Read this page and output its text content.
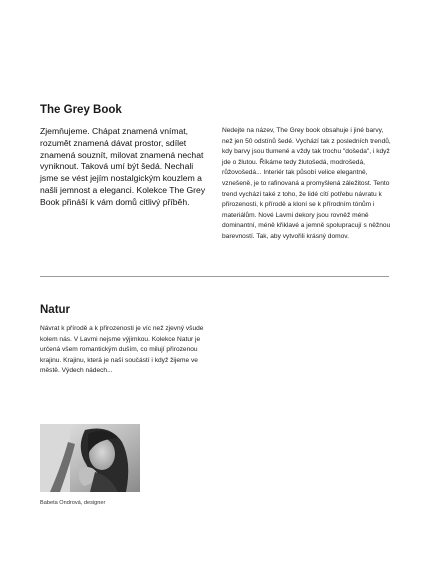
The Grey Book

Zjemňujeme. Chápat znamená vnímat, rozumět znamená dávat prostor, sdílet znamená souznít, milovat znamená nechat vyniknout. Taková umí být šedá. Nechali jsme se vést jejím nostalgickým kouzlem a našli jemnost a eleganci. Kolekce The Grey Book přináší k vám domů citlivý příběh.

Nedejte na název, The Grey book obsahuje i jiné barvy, než jen 50 odstínů šedé. Vychází tak z posledních trendů, kdy barvy jsou tlumené a vždy tak trochu "došeda", i když jde o žlutou. Říkáme tedy žlutošedá, modrošedá, růžovošedá... Interiér tak působí velice elegantně, vznešeně, je to rafinovaná a promyšlená záležitost. Tento trend vychází také z toho, že lidé cítí potřebu návratu k přirozenosti, k přírodě a kloní se k přírodním tónům i materiálům. Nové Lavmi dekory jsou rovněž méně dominantní, méně křiklavé a jemně spolupracují s něžnou barevností. Tak, aby vytvořili krásný domov.

Natur

Návrat k přírodě a k přirozenosti je víc než zjevný všude kolem nás. V Lavmi nejsme výjimkou. Kolekce Natur je určená všem romantickým duším, co milují přirozenou krajinu. Krajinu, která je naší součástí i když žijeme ve městě. Výdech nádech...

Babeta Ondrová, designer
